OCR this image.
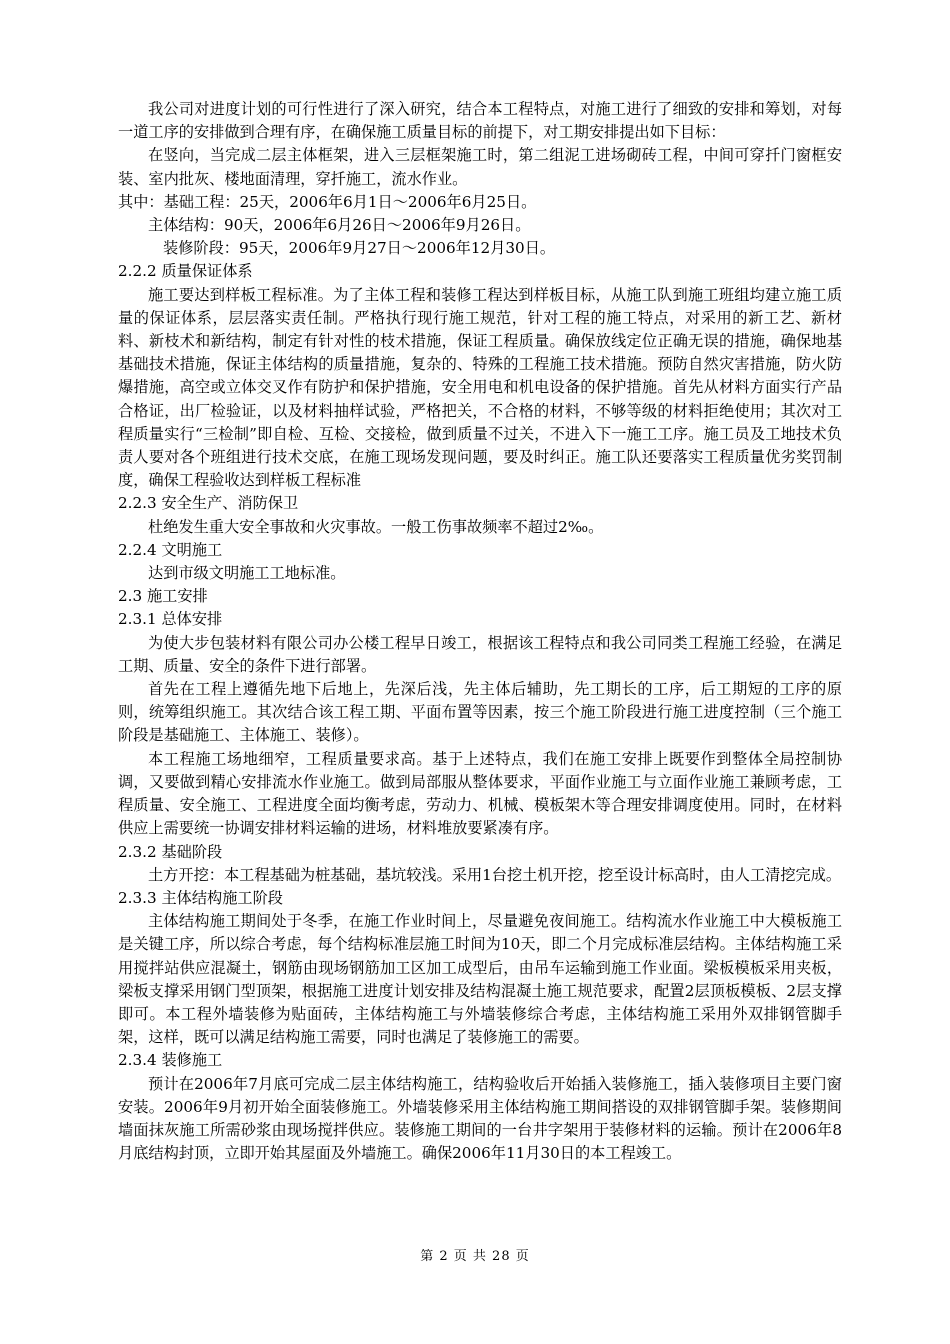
我公司对进度计划的可行性进行了深入研究，结合本工程特点，对施工进行了细致的安排和筹划，对每一道工序的安排做到合理有序，在确保施工质量目标的前提下，对工期安排提出如下目标：

在竖向，当完成二层主体框架，进入三层框架施工时，第二组泥工进场砌砖工程，中间可穿扦门窗框安装、室内批灰、楼地面清理，穿扦施工，流水作业。

其中：基础工程：25天，2006年6月1日～2006年6月25日。

主体结构：90天，2006年6月26日～2006年9月26日。

装修阶段：95天，2006年9月27日～2006年12月30日。

2.2.2 质量保证体系

施工要达到样板工程标准。为了主体工程和装修工程达到样板目标，从施工队到施工班组均建立施工质量的保证体系，层层落实责任制。严格执行现行施工规范，针对工程的施工特点，对采用的新工艺、新材料、新枝术和新结构，制定有针对性的枝术措施，保证工程质量。确保放线定位正确无误的措施，确保地基基础技术措施，保证主体结构的质量措施，复杂的、特殊的工程施工技术措施。预防自然灾害措施，防火防爆措施，高空或立体交叉作有防护和保护措施，安全用电和机电设备的保护措施。首先从材料方面实行产品合格证，出厂检验证，以及材料抽样试验，严格把关，不合格的材料，不够等级的材料拒绝使用；其次对工程质量实行“三检制”即自检、互检、交接检，做到质量不过关，不进入下一施工工序。施工员及工地技术负责人要对各个班组进行技术交底，在施工现场发现问题，要及时纠正。施工队还要落实工程质量优劣奖罚制度，确保工程验收达到样板工程标准

2.2.3 安全生产、消防保卫

杜绝发生重大安全事故和火灾事故。一般工伤事故频率不超过2‰。

2.2.4 文明施工

达到市级文明施工工地标准。

2.3 施工安排

2.3.1 总体安排

为使大步包装材料有限公司办公楼工程早日竣工，根据该工程特点和我公司同类工程施工经验，在满足工期、质量、安全的条件下进行部署。

首先在工程上遵循先地下后地上，先深后浅，先主体后辅助，先工期长的工序，后工期短的工序的原则，统筹组织施工。其次结合该工程工期、平面布置等因素，按三个施工阶段进行施工进度控制（三个施工阶段是基础施工、主体施工、装修）。

本工程施工场地细窄，工程质量要求高。基于上述特点，我们在施工安排上既要作到整体全局控制协调，又要做到精心安排流水作业施工。做到局部服从整体要求，平面作业施工与立面作业施工兼顾考虑，工程质量、安全施工、工程进度全面均衡考虑，劳动力、机械、模板架木等合理安排调度使用。同时，在材料供应上需要统一协调安排材料运输的进场，材料堆放要紧凑有序。

2.3.2 基础阶段

土方开挖：本工程基础为桩基础，基坑较浅。采用1台挖土机开挖，挖至设计标高时，由人工清挖完成。

2.3.3 主体结构施工阶段

主体结构施工期间处于冬季，在施工作业时间上，尽量避免夜间施工。结构流水作业施工中大模板施工是关键工序，所以综合考虑，每个结构标准层施工时间为10天，即二个月完成标准层结构。主体结构施工采用搅拌站供应混凝土，钢筋由现场钢筋加工区加工成型后，由吊车运输到施工作业面。梁板模板采用夹板，梁板支撑采用钢门型顶架，根据施工进度计划安排及结构混凝土施工规范要求，配置2层顶板模板、2层支撑即可。本工程外墙装修为贴面砖，主体结构施工与外墙装修综合考虑，主体结构施工采用外双排钢管脚手架，这样，既可以满足结构施工需要，同时也满足了装修施工的需要。

2.3.4 装修施工

预计在2006年7月底可完成二层主体结构施工，结构验收后开始插入装修施工，插入装修项目主要门窗安装。2006年9月初开始全面装修施工。外墙装修采用主体结构施工期间搭设的双排钢管脚手架。装修期间墙面抹灰施工所需砂浆由现场搅拌供应。装修施工期间的一台井字架用于装修材料的运输。预计在2006年8月底结构封顶，立即开始其屋面及外墙施工。确保2006年11月30日的本工程竣工。

第 2 页 共 28 页
